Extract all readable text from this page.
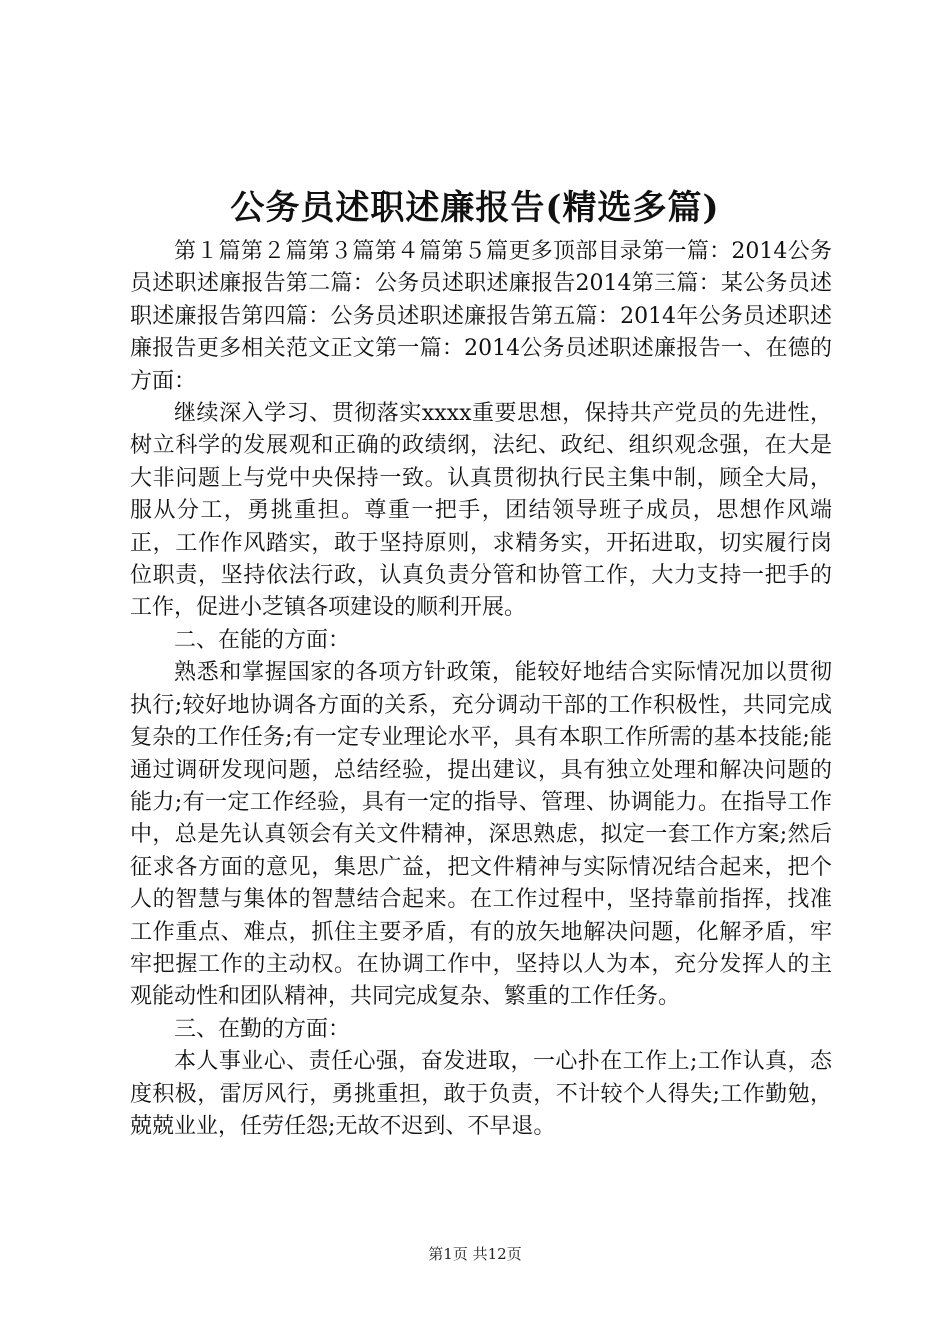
公务员述职述廉报告(精选多篇)

第１篇第２篇第３篇第４篇第５篇更多顶部目录第一篇：2014公务员述职述廉报告第二篇：公务员述职述廉报告2014第三篇：某公务员述职述廉报告第四篇：公务员述职述廉报告第五篇：2014年公务员述职述廉报告更多相关范文正文第一篇：2014公务员述职述廉报告一、在德的方面：

继续深入学习、贯彻落实xxxx重要思想，保持共产党员的先进性，树立科学的发展观和正确的政绩纲，法纪、政纪、组织观念强，在大是大非问题上与党中央保持一致。认真贯彻执行民主集中制，顾全大局，服从分工，勇挑重担。尊重一把手，团结领导班子成员，思想作风端正，工作作风踏实，敢于坚持原则，求精务实，开拓进取，切实履行岗位职责，坚持依法行政，认真负责分管和协管工作，大力支持一把手的工作，促进小芝镇各项建设的顺利开展。

二、在能的方面：

熟悉和掌握国家的各项方针政策，能较好地结合实际情况加以贯彻执行;较好地协调各方面的关系，充分调动干部的工作积极性，共同完成复杂的工作任务;有一定专业理论水平，具有本职工作所需的基本技能;能通过调研发现问题，总结经验，提出建议，具有独立处理和解决问题的能力;有一定工作经验，具有一定的指导、管理、协调能力。在指导工作中，总是先认真领会有关文件精神，深思熟虑，拟定一套工作方案;然后征求各方面的意见，集思广益，把文件精神与实际情况结合起来，把个人的智慧与集体的智慧结合起来。在工作过程中，坚持靠前指挥，找准工作重点、难点，抓住主要矛盾，有的放矢地解决问题，化解矛盾，牢牢把握工作的主动权。在协调工作中，坚持以人为本，充分发挥人的主观能动性和团队精神，共同完成复杂、繁重的工作任务。

三、在勤的方面：

本人事业心、责任心强，奋发进取，一心扑在工作上;工作认真，态度积极，雷厉风行，勇挑重担，敢于负责，不计较个人得失;工作勤勉，兢兢业业，任劳任怨;无故不迟到、不早退。

第1页 共12页
